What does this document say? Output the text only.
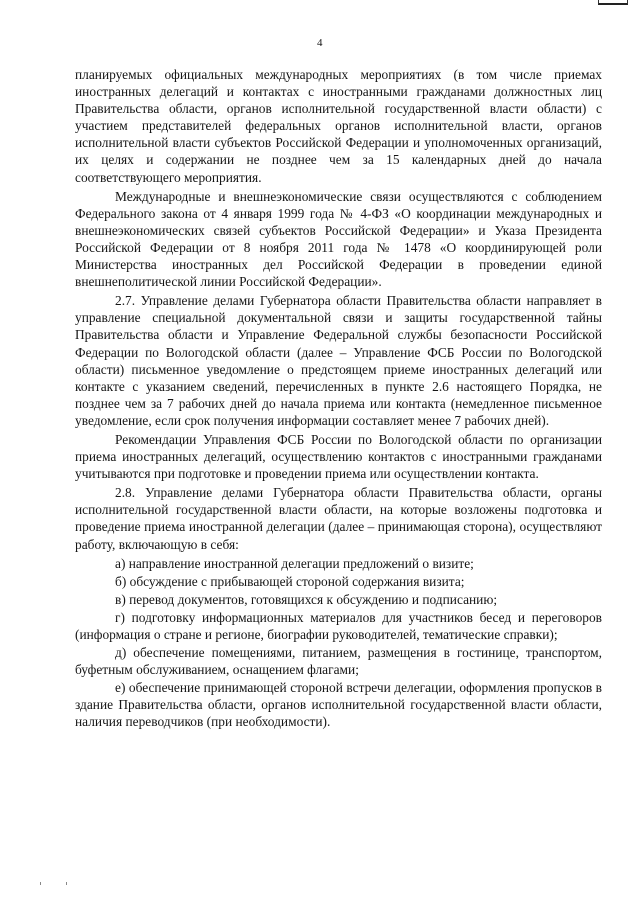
4

планируемых официальных международных мероприятиях (в том числе приемах иностранных делегаций и контактах с иностранными гражданами должностных лиц Правительства области, органов исполнительной государственной власти области) с участием представителей федеральных органов исполнительной власти, органов исполнительной власти субъектов Российской Федерации и уполномоченных организаций, их целях и содержании не позднее чем за 15 календарных дней до начала соответствующего мероприятия.

Международные и внешнеэкономические связи осуществляются с соблюдением Федерального закона от 4 января 1999 года № 4-ФЗ «О координации международных и внешнеэкономических связей субъектов Российской Федерации» и Указа Президента Российской Федерации от 8 ноября 2011 года № 1478 «О координирующей роли Министерства иностранных дел Российской Федерации в проведении единой внешнеполитической линии Российской Федерации».

2.7. Управление делами Губернатора области Правительства области направляет в управление специальной документальной связи и защиты государственной тайны Правительства области и Управление Федеральной службы безопасности Российской Федерации по Вологодской области (далее – Управление ФСБ России по Вологодской области) письменное уведомление о предстоящем приеме иностранных делегаций или контакте с указанием сведений, перечисленных в пункте 2.6 настоящего Порядка, не позднее чем за 7 рабочих дней до начала приема или контакта (немедленное письменное уведомление, если срок получения информации составляет менее 7 рабочих дней).

Рекомендации Управления ФСБ России по Вологодской области по организации приема иностранных делегаций, осуществлению контактов с иностранными гражданами учитываются при подготовке и проведении приема или осуществлении контакта.

2.8. Управление делами Губернатора области Правительства области, органы исполнительной государственной власти области, на которые возложены подготовка и проведение приема иностранной делегации (далее – принимающая сторона), осуществляют работу, включающую в себя:

а) направление иностранной делегации предложений о визите;

б) обсуждение с прибывающей стороной содержания визита;

в) перевод документов, готовящихся к обсуждению и подписанию;

г) подготовку информационных материалов для участников бесед и переговоров (информация о стране и регионе, биографии руководителей, тематические справки);

д) обеспечение помещениями, питанием, размещения в гостинице, транспортом, буфетным обслуживанием, оснащением флагами;

е) обеспечение принимающей стороной встречи делегации, оформления пропусков в здание Правительства области, органов исполнительной государственной власти области, наличия переводчиков (при необходимости).
